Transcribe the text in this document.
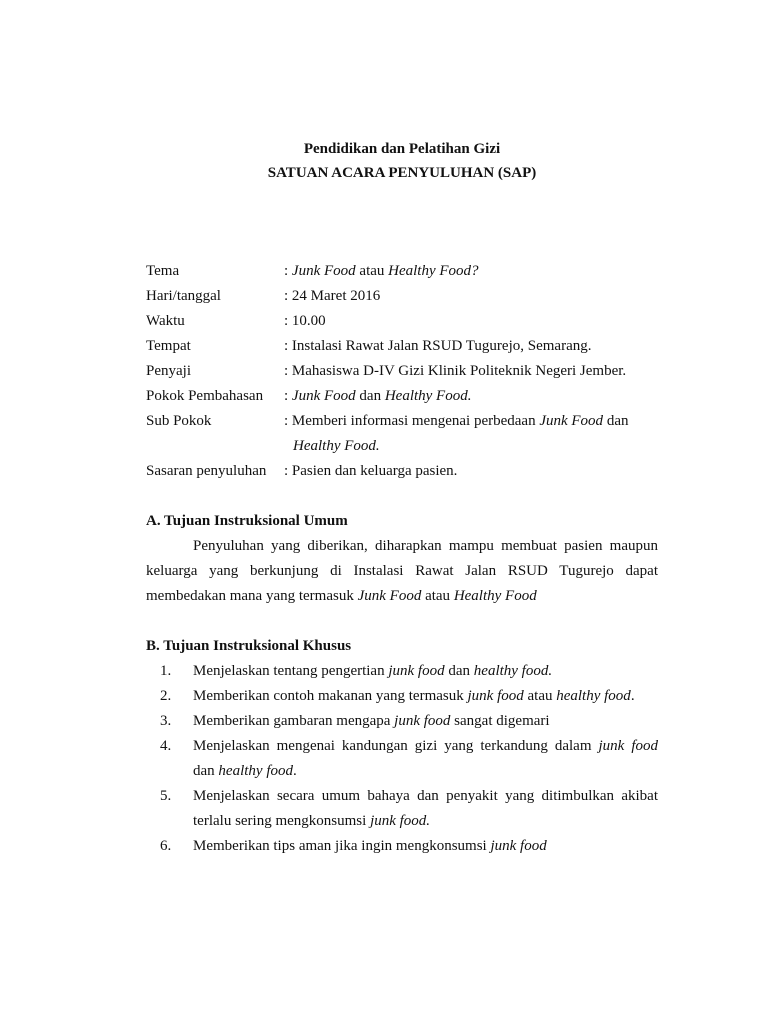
Pendidikan dan Pelatihan Gizi
SATUAN ACARA PENYULUHAN (SAP)
Tema	: Junk Food atau Healthy Food?
Hari/tanggal	: 24 Maret 2016
Waktu	: 10.00
Tempat	: Instalasi Rawat Jalan RSUD Tugurejo, Semarang.
Penyaji	: Mahasiswa D-IV Gizi Klinik Politeknik Negeri Jember.
Pokok Pembahasan	: Junk Food dan Healthy Food.
Sub Pokok	: Memberi informasi mengenai perbedaan Junk Food dan
Healthy Food.
Sasaran penyuluhan	: Pasien dan keluarga pasien.
A. Tujuan Instruksional Umum
Penyuluhan yang diberikan, diharapkan mampu membuat pasien maupun
keluarga yang berkunjung di Instalasi Rawat Jalan RSUD Tugurejo dapat
membedakan mana yang termasuk Junk Food atau Healthy Food
B. Tujuan Instruksional Khusus
1.	Menjelaskan tentang pengertian junk food dan healthy food.
2.	Memberikan contoh makanan yang termasuk junk food atau healthy food.
3.	Memberikan gambaran mengapa junk food sangat digemari
4.	Menjelaskan mengenai kandungan gizi yang terkandung dalam junk food
dan healthy food.
5.	Menjelaskan secara umum bahaya dan penyakit yang ditimbulkan akibat
terlalu sering mengkonsumsi junk food.
6.	Memberikan tips aman jika ingin mengkonsumsi junk food
